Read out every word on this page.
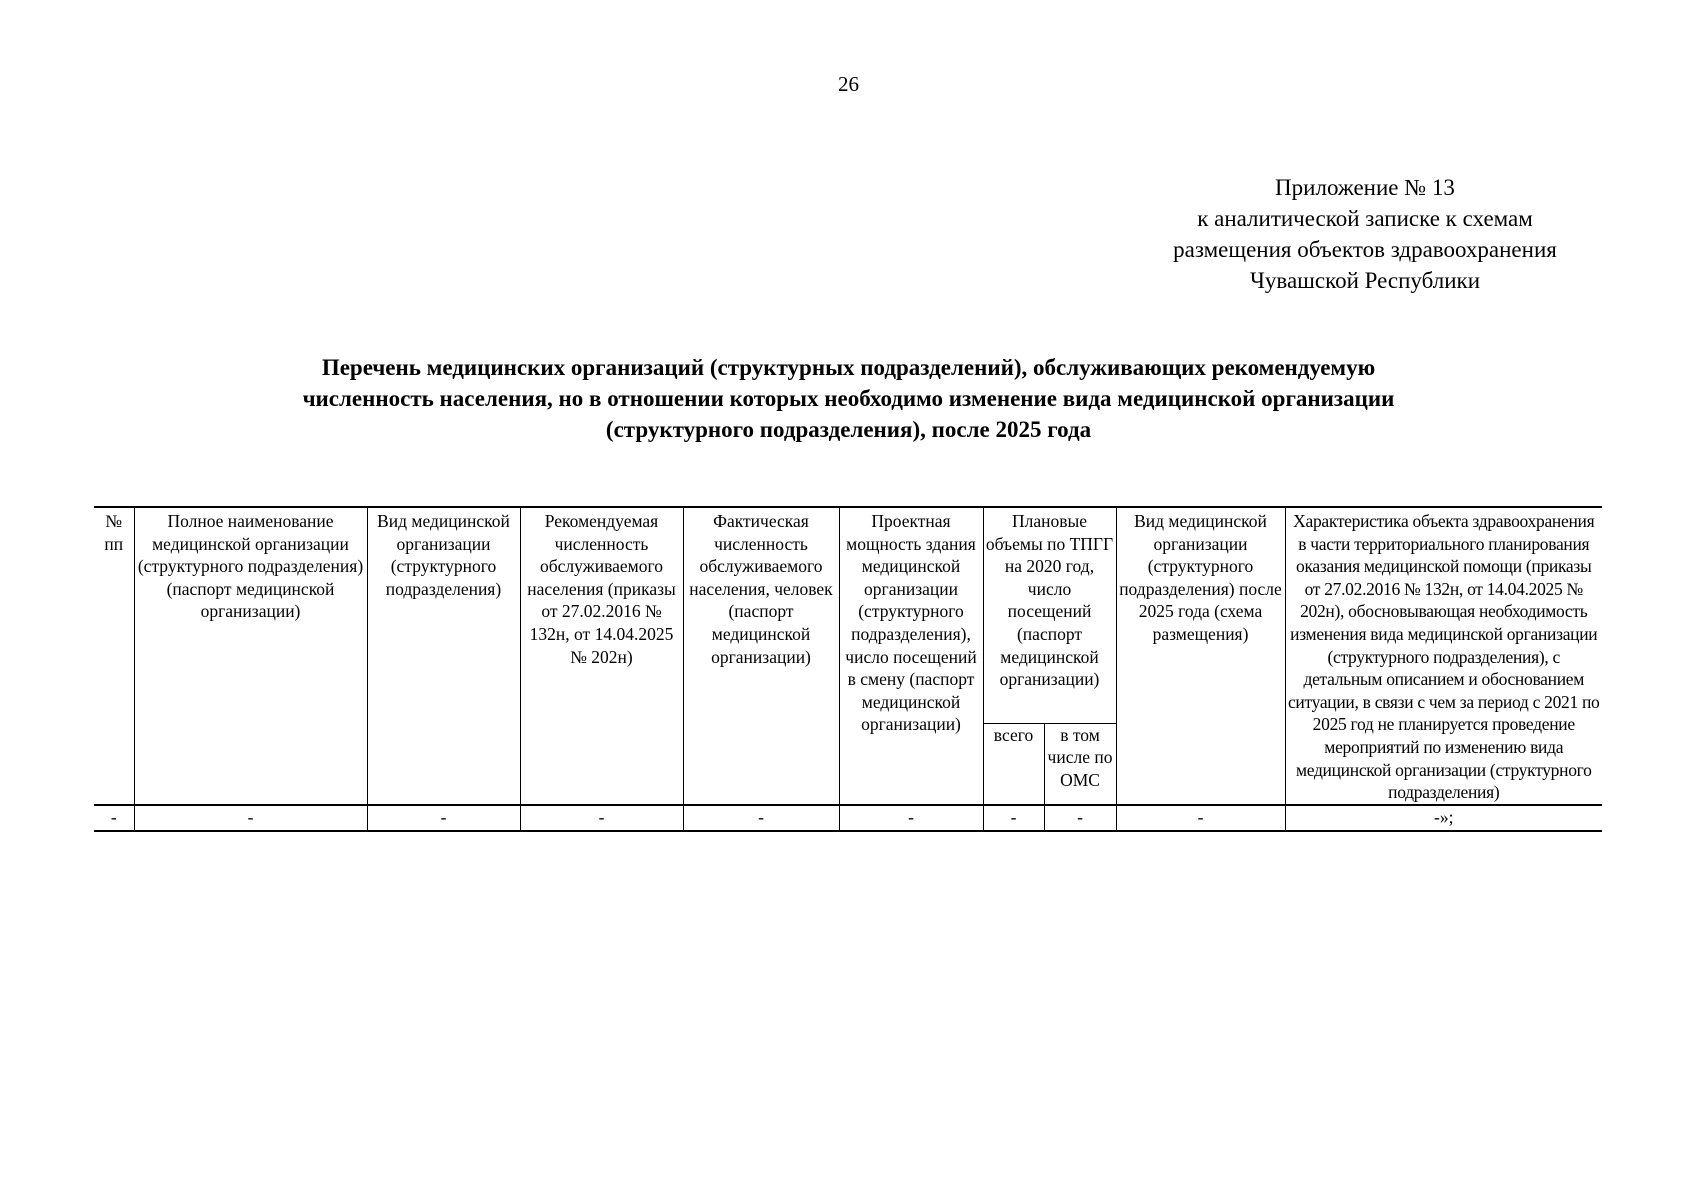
26
Приложение № 13
к аналитической записке к схемам
размещения объектов здравоохранения
Чувашской Республики
Перечень медицинских организаций (структурных подразделений), обслуживающих рекомендуемую
численность населения, но в отношении которых необходимо изменение вида медицинской организации
(структурного подразделения), после 2025 года
№ пп	Полное наименование медицинской организации (структурного подразделения) (паспорт медицинской организации)	Вид медицинской организации (структурного подразделения)	Рекомендуемая численность обслуживаемого населения (приказы от 27.02.2016 № 132н, от 14.04.2025 № 202н)	Фактическая численность обслуживаемого населения, человек (паспорт медицинской организации)	Проектная мощность здания медицинской организации (структурного подразделения), число посещений в смену (паспорт медицинской организации)	Плановые объемы по ТПГГ на 2020 год, число посещений (паспорт медицинской организации)		Вид медицинской организации (структурного подразделения) после 2025 года (схема размещения)	Характеристика объекта здравоохранения в части территориального планирования оказания медицинской помощи (приказы от 27.02.2016 № 132н, от 14.04.2025 № 202н), обосновывающая необходимость изменения вида медицинской организации (структурного подразделения), с детальным описанием и обоснованием ситуации, в связи с чем за период с 2021 по 2025 год не планируется проведение мероприятий по изменению вида медицинской организации (структурного подразделения)
						всего	в том числе по ОМС		
-	-	-	-	-	-	-	-	-	-»;
